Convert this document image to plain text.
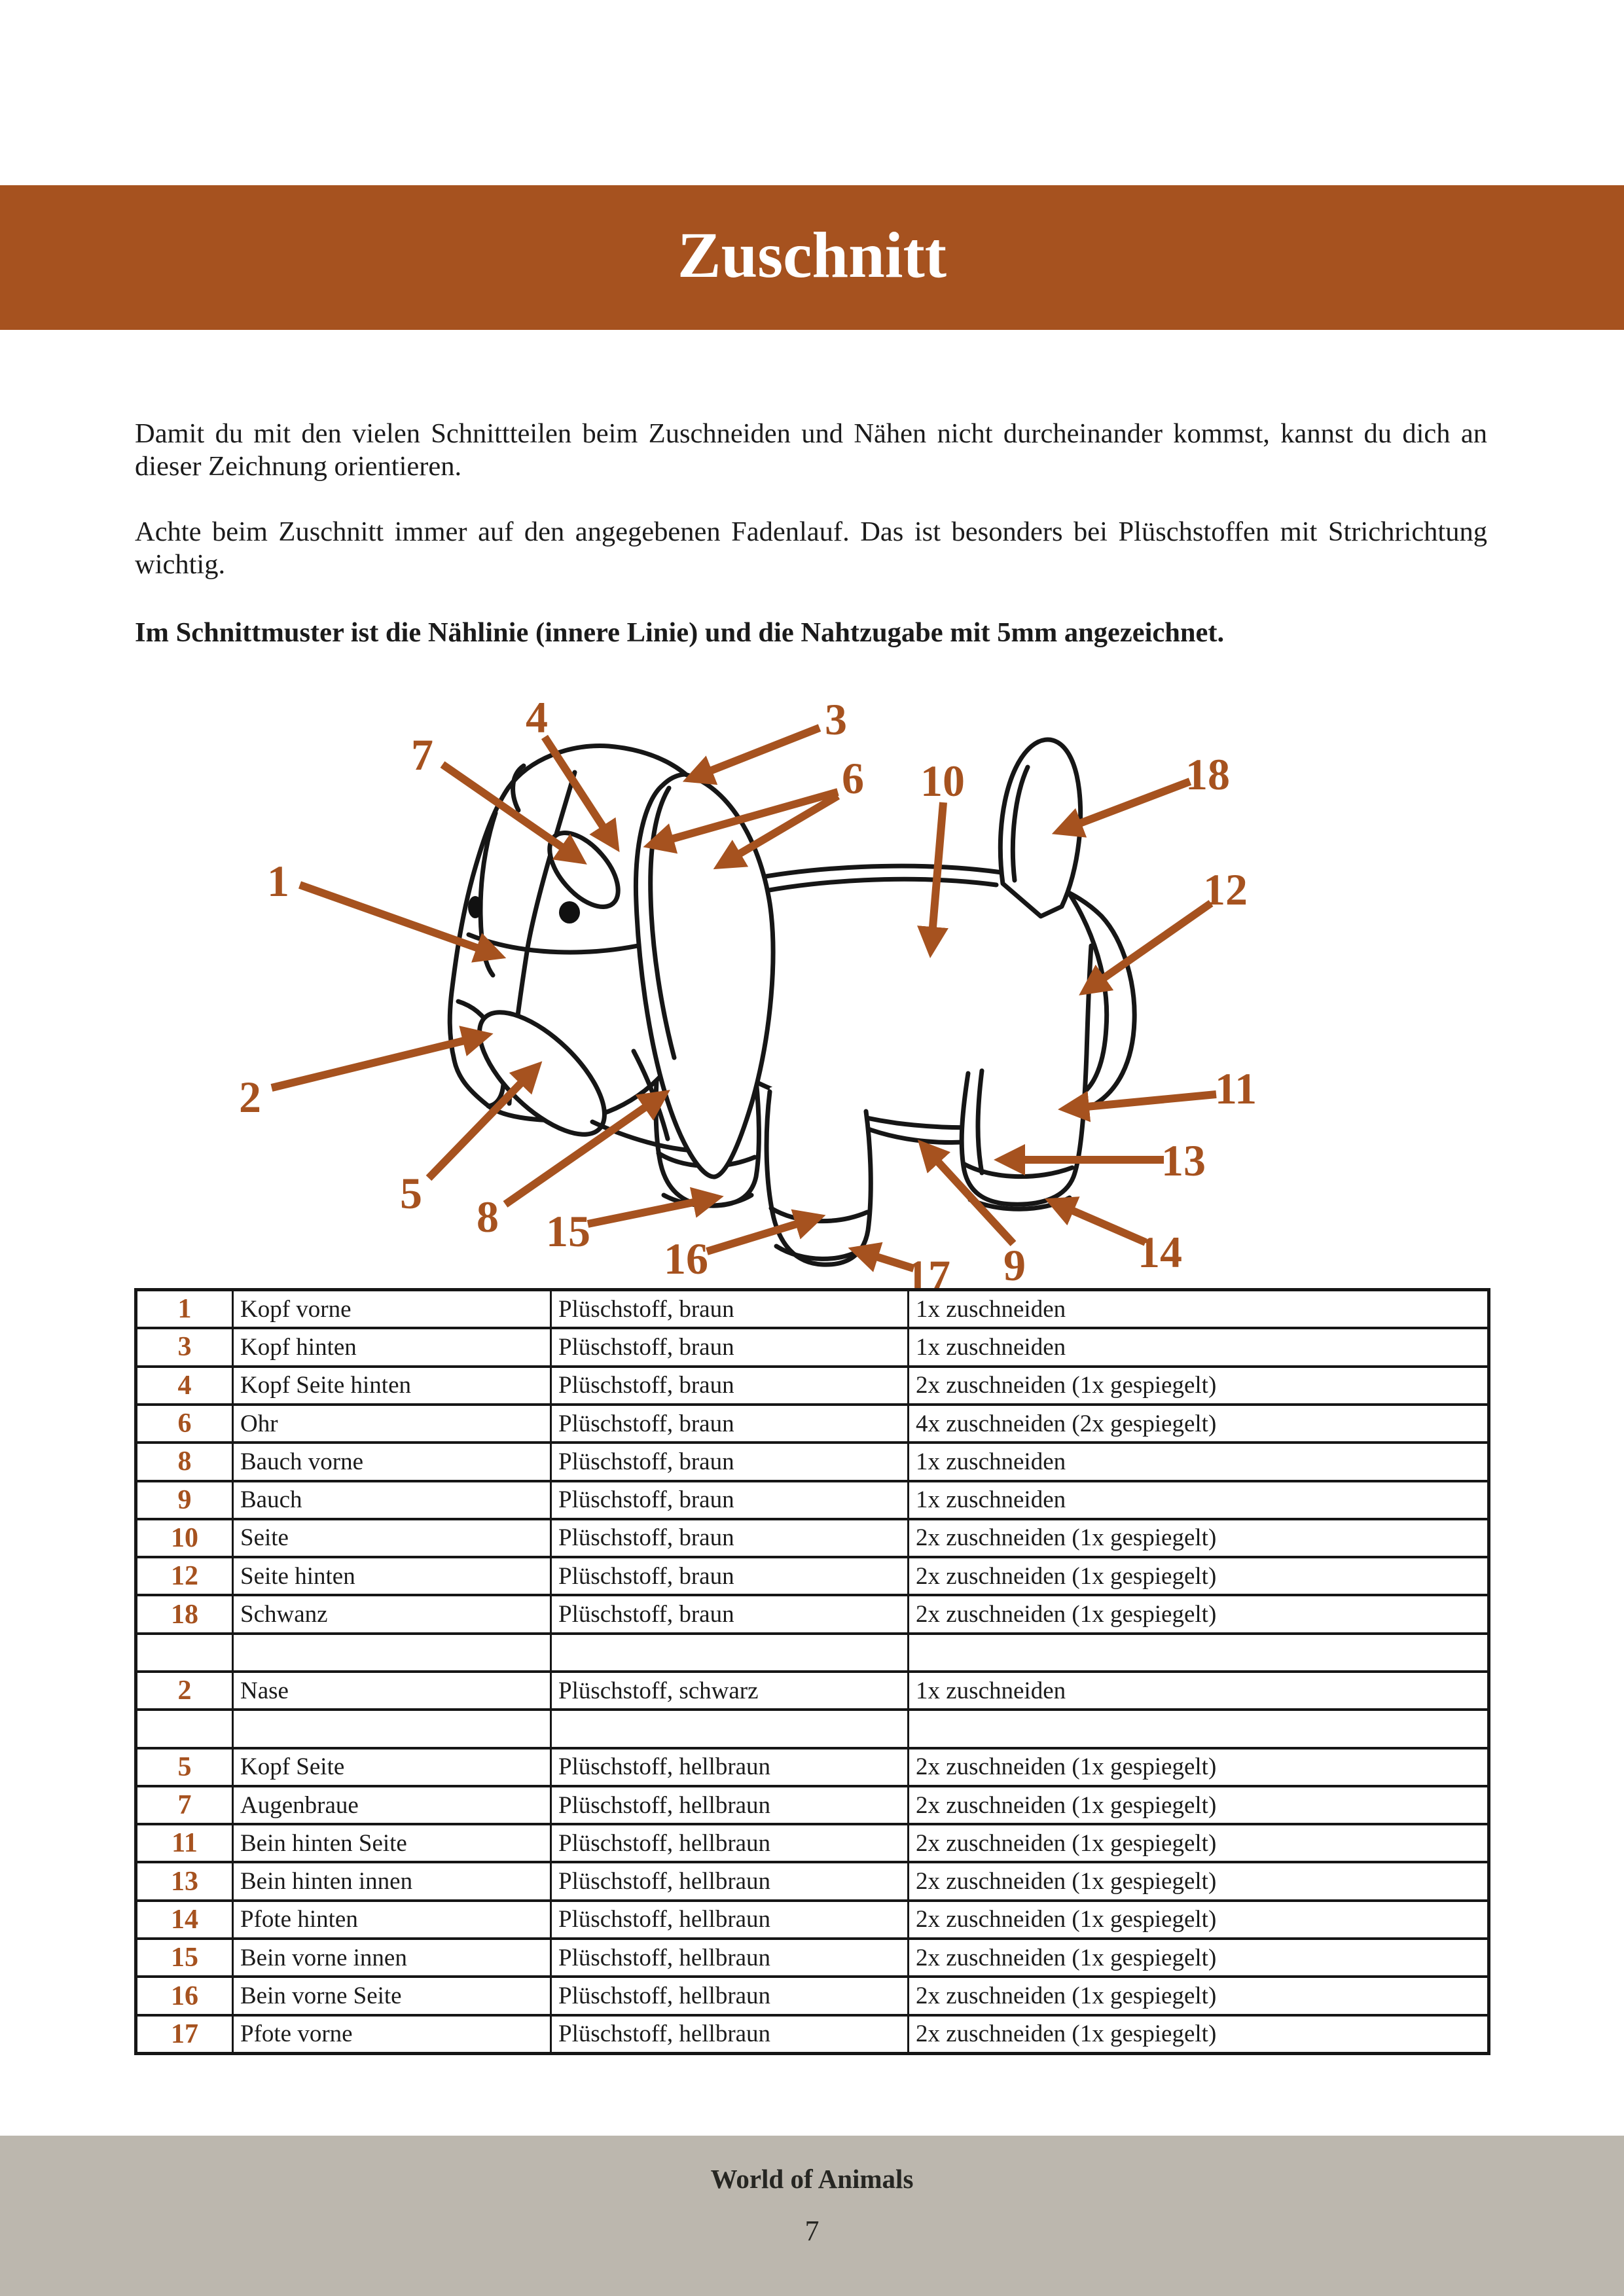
Zuschnitt

Damit du mit den vielen Schnittteilen beim Zuschneiden und Nähen nicht durcheinander kommst, kannst du dich an dieser Zeichnung orientieren.

Achte beim Zuschnitt immer auf den angegebenen Fadenlauf. Das ist besonders bei Plüschstoffen mit Strichrichtung wichtig.

Im Schnittmuster ist die Nählinie (innere Linie) und die Nahtzugabe mit 5mm angezeichnet.

1
2
3
4
5
6
7
8
9
10
11
12
13
14
15
16	17
18
1	Kopf vorne	Plüschstoff, braun	1x zuschneiden
3	Kopf hinten	Plüschstoff, braun	1x zuschneiden
4	Kopf Seite hinten	Plüschstoff, braun	2x zuschneiden (1x gespiegelt)
6	Ohr	Plüschstoff, braun	4x zuschneiden (2x gespiegelt)
8	Bauch vorne	Plüschstoff, braun	1x zuschneiden
9	Bauch	Plüschstoff, braun	1x zuschneiden
10	Seite	Plüschstoff, braun	2x zuschneiden (1x gespiegelt)
12	Seite hinten	Plüschstoff, braun	2x zuschneiden (1x gespiegelt)
18	Schwanz	Plüschstoff, braun	2x zuschneiden (1x gespiegelt)

2	Nase	Plüschstoff, schwarz	1x zuschneiden

5	Kopf Seite	Plüschstoff, hellbraun	2x zuschneiden (1x gespiegelt)
7	Augenbraue	Plüschstoff, hellbraun	2x zuschneiden (1x gespiegelt)
11	Bein hinten Seite	Plüschstoff, hellbraun	2x zuschneiden (1x gespiegelt)
13	Bein hinten innen	Plüschstoff, hellbraun	2x zuschneiden (1x gespiegelt)
14	Pfote hinten	Plüschstoff, hellbraun	2x zuschneiden (1x gespiegelt)
15	Bein vorne innen	Plüschstoff, hellbraun	2x zuschneiden (1x gespiegelt)
16	Bein vorne Seite	Plüschstoff, hellbraun	2x zuschneiden (1x gespiegelt)
17	Pfote vorne	Plüschstoff, hellbraun	2x zuschneiden (1x gespiegelt)

World of Animals

7
